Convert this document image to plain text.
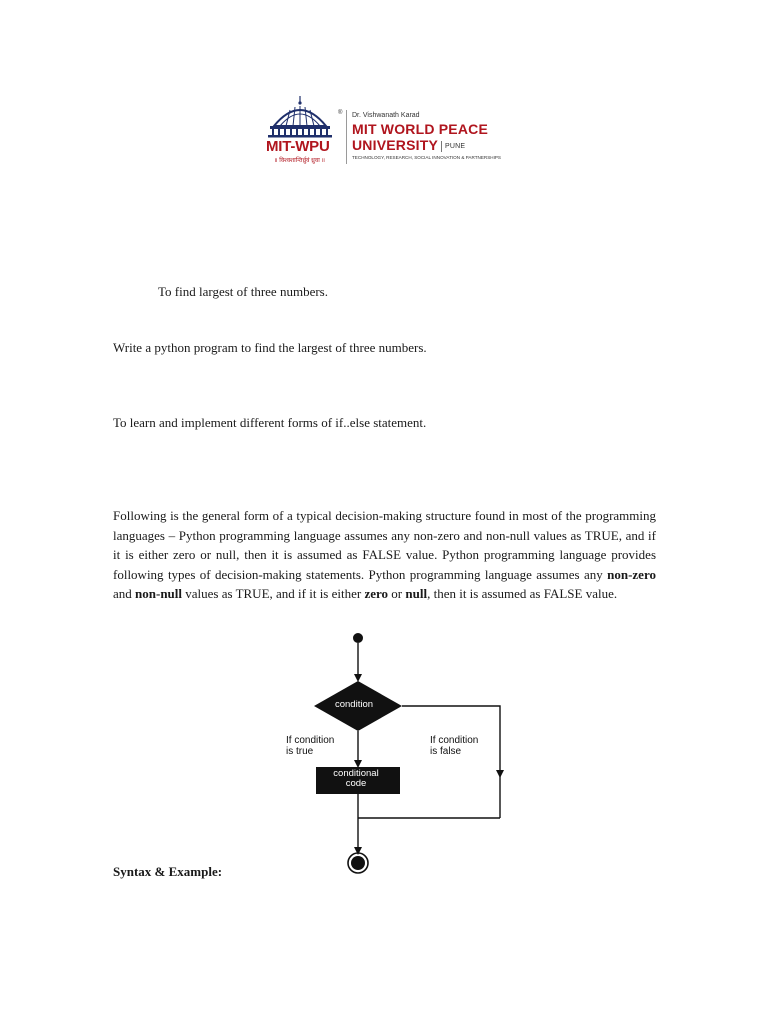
®
MIT-WPU
॥ विश्वशान्तिर्ध्रुवं ध्रुवा ॥
Dr. Vishwanath Karad
MIT WORLD PEACE
UNIVERSITY PUNE
TECHNOLOGY, RESEARCH, SOCIAL INNOVATION & PARTNERSHIPS
To find largest of three numbers.
Write a python program to find the largest of three numbers.
To learn and implement different forms of if..else statement.
Following is the general form of a typical decision-making structure found in most of the programming languages – Python programming language assumes any non-zero and non-null values as TRUE, and if it is either zero or null, then it is assumed as FALSE value. Python programming language provides following types of decision-making statements. Python programming language assumes any non-zero and non-null values as TRUE, and if it is either zero or null, then it is assumed as FALSE value.
condition
If condition
is true
If condition
is false
conditional
code
Syntax & Example:
